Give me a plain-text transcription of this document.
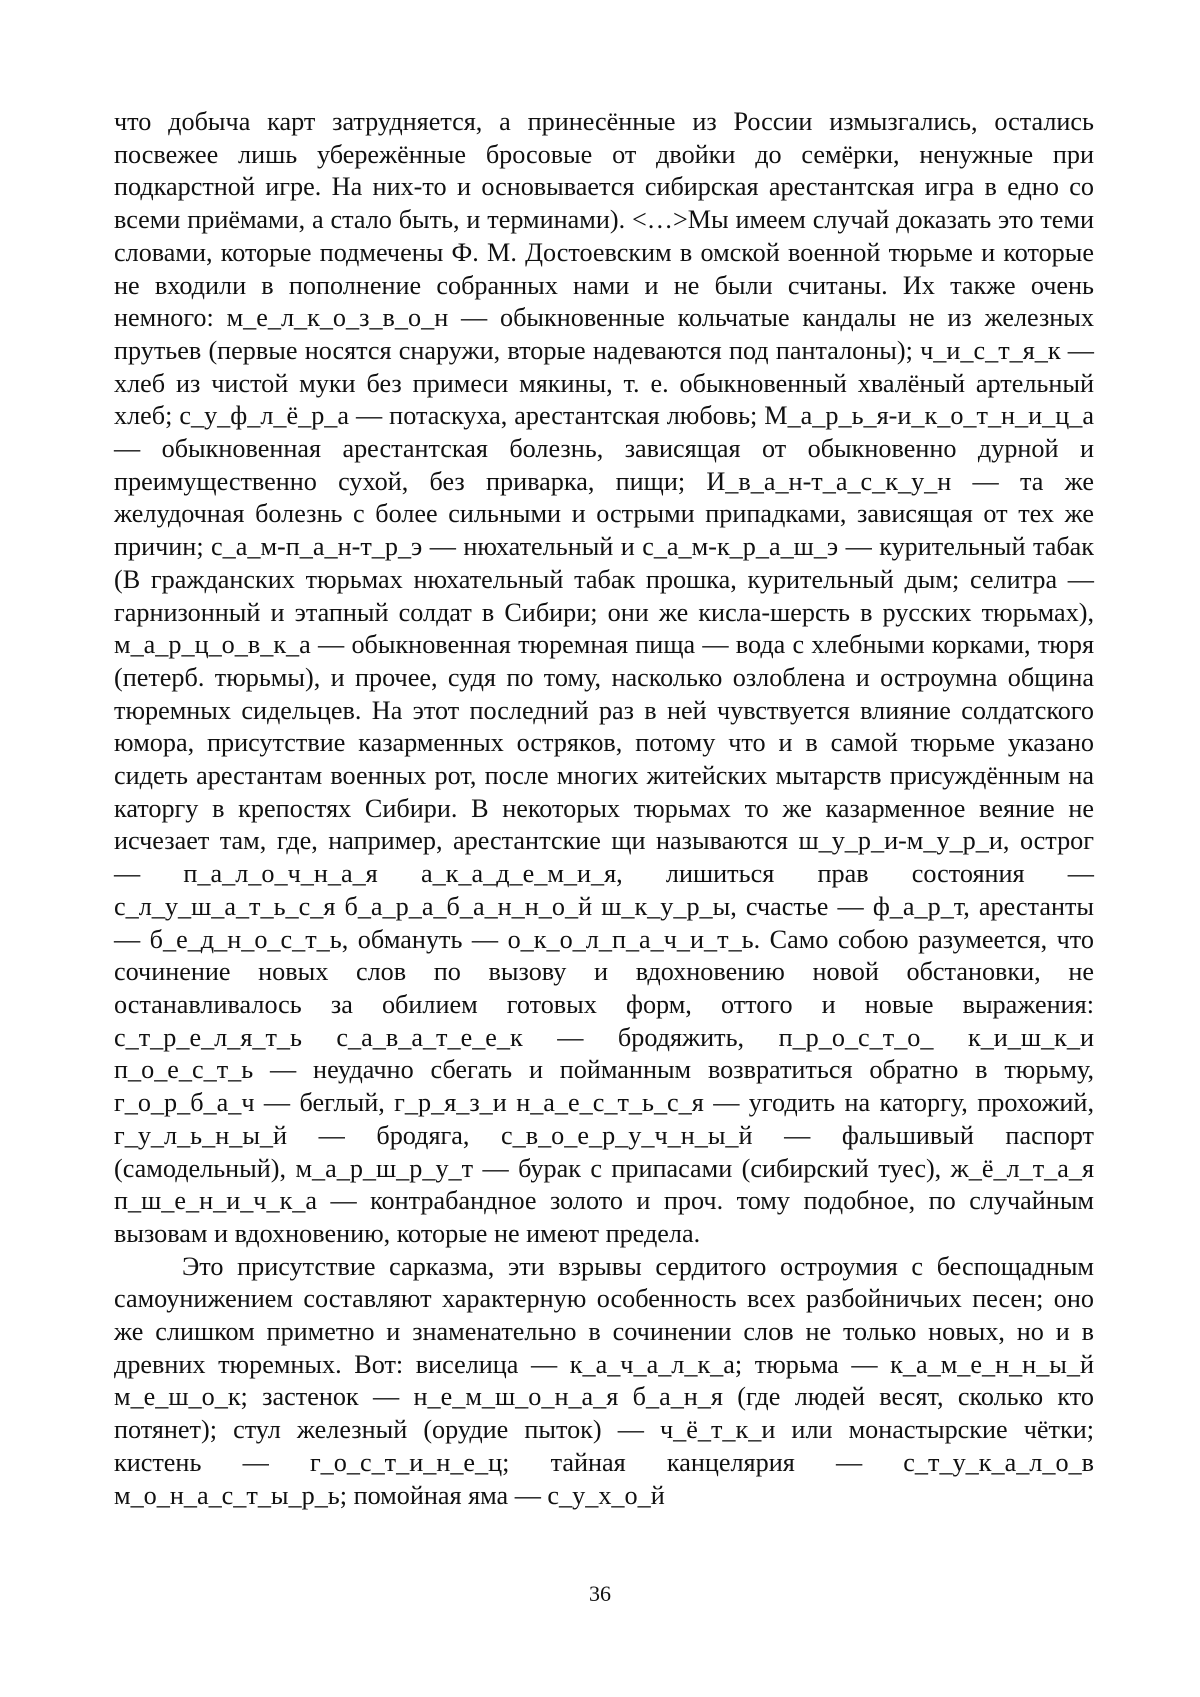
что добыча карт затрудняется, а принесённые из России измызгались, остались посвежее лишь убережённые бросовые от двойки до семёрки, ненужные при подкарстной игре. На них-то и основывается сибирская арестантская игра в едно со всеми приёмами, а стало быть, и терминами). <…>Мы имеем случай доказать это теми словами, которые подмечены Ф. М. Достоевским в омской военной тюрьме и которые не входили в пополнение собранных нами и не были считаны. Их также очень немного: м_е_л_к_о_з_в_о_н — обыкновенные кольчатые кандалы не из железных прутьев (первые носятся снаружи, вторые надеваются под панталоны); ч_и_с_т_я_к — хлеб из чистой муки без примеси мякины, т. е. обыкновенный хвалёный артельный хлеб; с_у_ф_л_ё_р_а — потаскуха, арестантская любовь; М_а_р_ь_я-и_к_о_т_н_и_ц_а — обыкновенная арестантская болезнь, зависящая от обыкновенно дурной и преимущественно сухой, без приварка, пищи; И_в_а_н-т_а_с_к_у_н — та же желудочная болезнь с более сильными и острыми припадками, зависящая от тех же причин; с_а_м-п_а_н-т_р_э — нюхательный и с_а_м-к_р_а_ш_э — курительный табак (В гражданских тюрьмах нюхательный табак прошка, курительный дым; селитра — гарнизонный и этапный солдат в Сибири; они же кисла-шерсть в русских тюрьмах), м_а_р_ц_о_в_к_а — обыкновенная тюремная пища — вода с хлебными корками, тюря (петерб. тюрьмы), и прочее, судя по тому, насколько озлоблена и остроумна община тюремных сидельцев. На этот последний раз в ней чувствуется влияние солдатского юмора, присутствие казарменных остряков, потому что и в самой тюрьме указано сидеть арестантам военных рот, после многих житейских мытарств присуждённым на каторгу в крепостях Сибири. В некоторых тюрьмах то же казарменное веяние не исчезает там, где, например, арестантские щи называются ш_у_р_и-м_у_р_и, острог — п_а_л_о_ч_н_а_я а_к_а_д_е_м_и_я, лишиться прав состояния — с_л_у_ш_а_т_ь_с_я б_а_р_а_б_а_н_н_о_й ш_к_у_р_ы, счастье — ф_а_р_т, арестанты — б_е_д_н_о_с_т_ь, обмануть — о_к_о_л_п_а_ч_и_т_ь. Само собою разумеется, что сочинение новых слов по вызову и вдохновению новой обстановки, не останавливалось за обилием готовых форм, оттого и новые выражения: с_т_р_е_л_я_т_ь с_а_в_а_т_е_е_к — бродяжить, п_р_о_с_т_о_ к_и_ш_к_и п_о_е_с_т_ь — неудачно сбегать и пойманным возвратиться обратно в тюрьму, г_о_р_б_а_ч — беглый, г_р_я_з_и н_а_е_с_т_ь_с_я — угодить на каторгу, прохожий, г_у_л_ь_н_ы_й — бродяга, с_в_о_е_р_у_ч_н_ы_й — фальшивый паспорт (самодельный), м_а_р_ш_р_у_т — бурак с припасами (сибирский туес), ж_ё_л_т_а_я п_ш_е_н_и_ч_к_а — контрабандное золото и проч. тому подобное, по случайным вызовам и вдохновению, которые не имеют предела.

Это присутствие сарказма, эти взрывы сердитого остроумия с беспощадным самоунижением составляют характерную особенность всех разбойничьих песен; оно же слишком приметно и знаменательно в сочинении слов не только новых, но и в древних тюремных. Вот: виселица — к_а_ч_а_л_к_а; тюрьма — к_а_м_е_н_н_ы_й м_е_ш_о_к; застенок — н_е_м_ш_о_н_а_я б_а_н_я (где людей весят, сколько кто потянет); стул железный (орудие пыток) — ч_ё_т_к_и или монастырские чётки; кистень — г_о_с_т_и_н_е_ц; тайная канцелярия — с_т_у_к_а_л_о_в м_о_н_а_с_т_ы_р_ь; помойная яма — с_у_х_о_й

36
